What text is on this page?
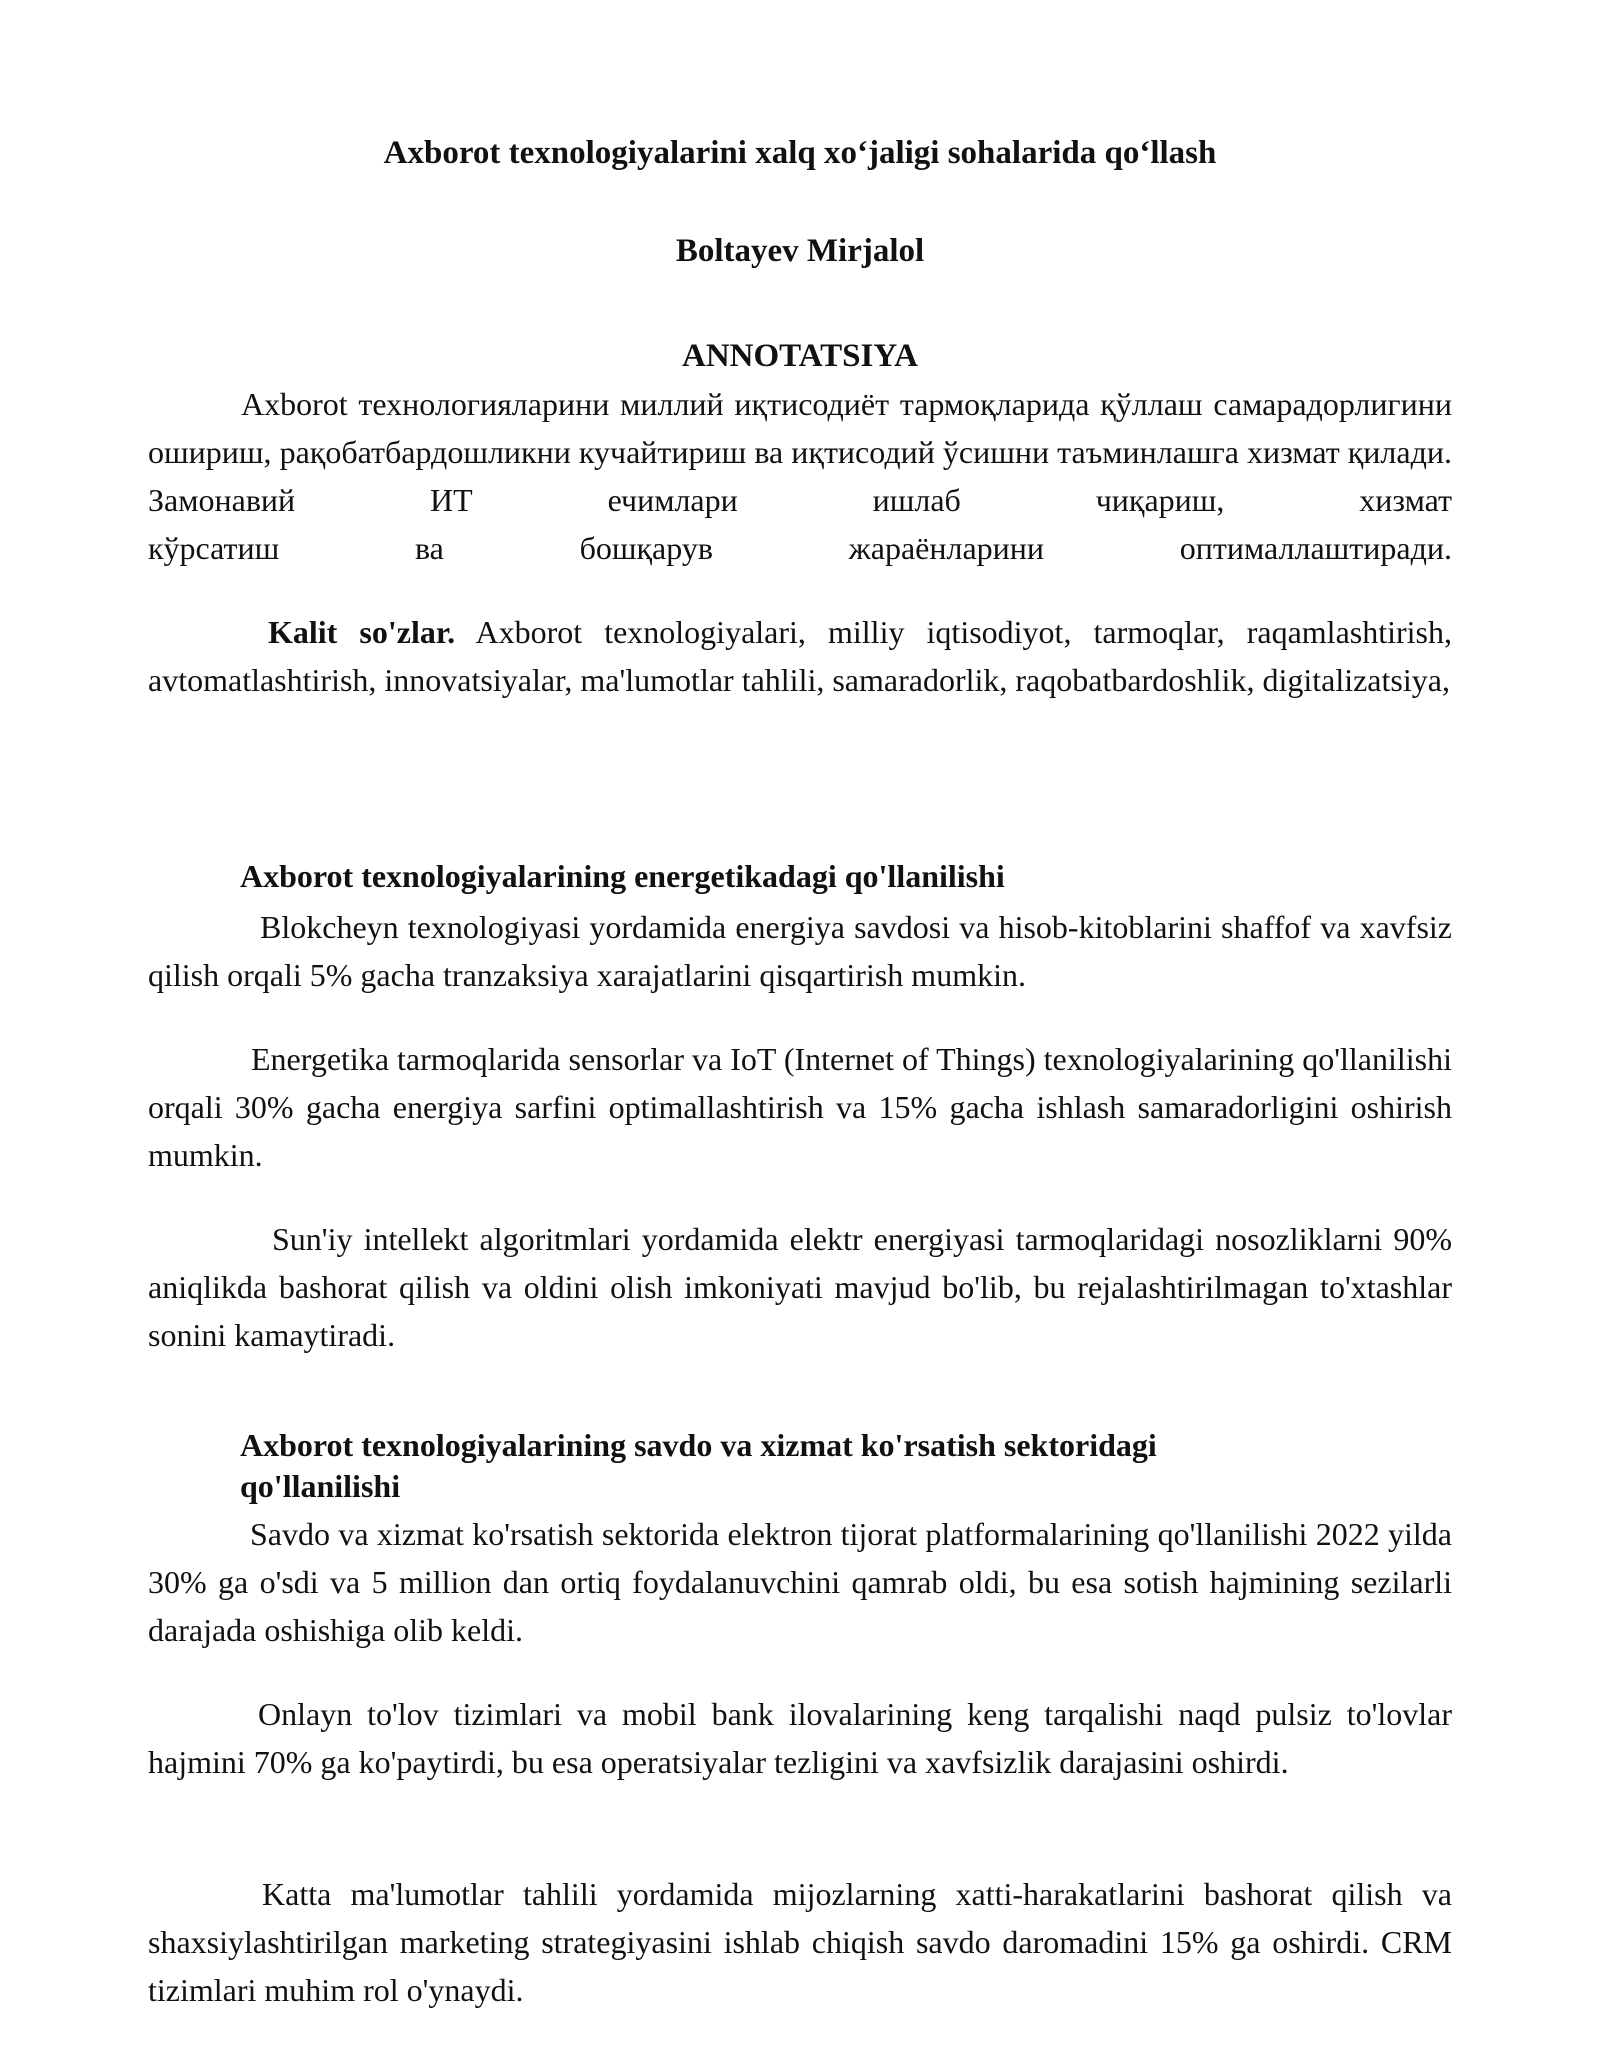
Axborot texnologiyalarini xalq xo‘jaligi sohalarida qo‘llash
Boltayev Mirjalol
ANNOTATSIYA

Axborot технологияларини миллий иқтисодиёт тармоқларида қўллаш самарадорлигини ошириш, рақобатбардошликни кучайтириш ва иқтисодий ўсишни таъминлашга хизмат қилади. Замонавий ИТ ечимлари ишлаб чиқариш, хизмат

кўрсатиш ва бошқарув жараёнларини оптималлаштиради.

Kalit so'zlar. Axborot texnologiyalari, milliy iqtisodiyot, tarmoqlar, raqamlashtirish, avtomatlashtirish, innovatsiyalar, ma'lumotlar tahlili, samaradorlik, raqobatbardoshlik, digitalizatsiya,

Axborot texnologiyalarining energetikadagi qo'llanilishi

Blokcheyn texnologiyasi yordamida energiya savdosi va hisob-kitoblarini shaffof va xavfsiz qilish orqali 5% gacha tranzaksiya xarajatlarini qisqartirish mumkin.

Energetika tarmoqlarida sensorlar va IoT (Internet of Things) texnologiyalarining qo'llanilishi orqali 30% gacha energiya sarfini optimallashtirish va 15% gacha ishlash samaradorligini oshirish mumkin.

Sun'iy intellekt algoritmlari yordamida elektr energiyasi tarmoqlaridagi nosozliklarni 90% aniqlikda bashorat qilish va oldini olish imkoniyati mavjud bo'lib, bu rejalashtirilmagan to'xtashlar sonini kamaytiradi.

Axborot texnologiyalarining savdo va xizmat ko'rsatish sektoridagi
qo'llanilishi

Savdo va xizmat ko'rsatish sektorida elektron tijorat platformalarining qo'llanilishi 2022 yilda 30% ga o'sdi va 5 million dan ortiq foydalanuvchini qamrab oldi, bu esa sotish hajmining sezilarli darajada oshishiga olib keldi.

Onlayn to'lov tizimlari va mobil bank ilovalarining keng tarqalishi naqd pulsiz to'lovlar hajmini 70% ga ko'paytirdi, bu esa operatsiyalar tezligini va xavfsizlik darajasini oshirdi.

Katta ma'lumotlar tahlili yordamida mijozlarning xatti-harakatlarini bashorat qilish va shaxsiylashtirilgan marketing strategiyasini ishlab chiqish savdo daromadini 15% ga oshirdi. CRM tizimlari muhim rol o'ynaydi.
